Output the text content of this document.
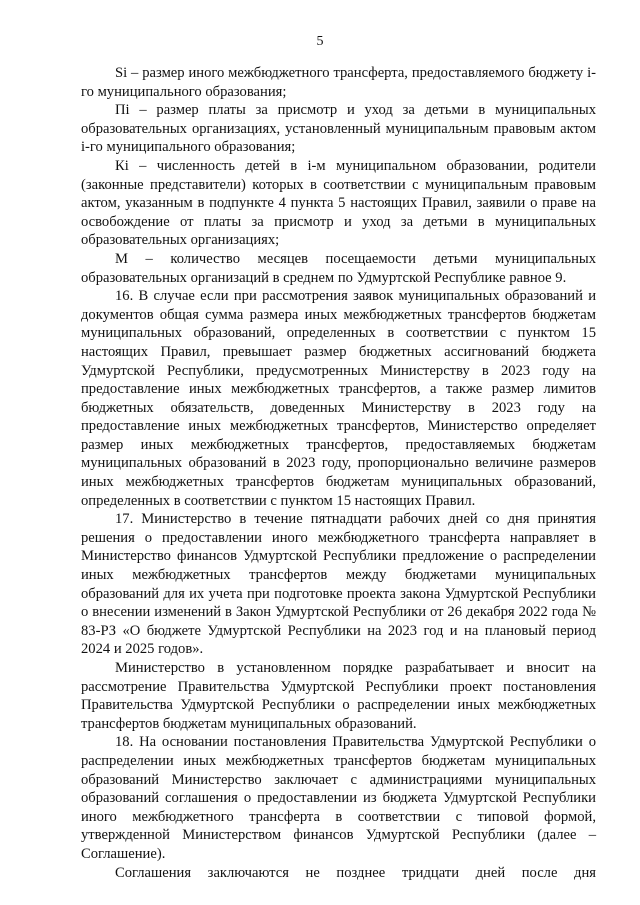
5

Si – размер иного межбюджетного трансферта, предоставляемого бюджету i-го муниципального образования;

Пi – размер платы за присмотр и уход за детьми в муниципальных образовательных организациях, установленный муниципальным правовым актом i-го муниципального образования;

Кi – численность детей в i-м муниципальном образовании, родители (законные представители) которых в соответствии с муниципальным правовым актом, указанным в подпункте 4 пункта 5 настоящих Правил, заявили о праве на освобождение от платы за присмотр и уход за детьми в муниципальных образовательных организациях;

М – количество месяцев посещаемости детьми муниципальных образовательных организаций в среднем по Удмуртской Республике равное 9.

16. В случае если при рассмотрения заявок муниципальных образований и документов общая сумма размера иных межбюджетных трансфертов бюджетам муниципальных образований, определенных в соответствии с пунктом 15 настоящих Правил, превышает размер бюджетных ассигнований бюджета Удмуртской Республики, предусмотренных Министерству в 2023 году на предоставление иных межбюджетных трансфертов, а также размер лимитов бюджетных обязательств, доведенных Министерству в 2023 году на предоставление иных межбюджетных трансфертов, Министерство определяет размер иных межбюджетных трансфертов, предоставляемых бюджетам муниципальных образований в 2023 году, пропорционально величине размеров иных межбюджетных трансфертов бюджетам муниципальных образований, определенных в соответствии с пунктом 15 настоящих Правил.

17. Министерство в течение пятнадцати рабочих дней со дня принятия решения о предоставлении иного межбюджетного трансферта направляет в Министерство финансов Удмуртской Республики предложение о распределении иных межбюджетных трансфертов между бюджетами муниципальных образований для их учета при подготовке проекта закона Удмуртской Республики о внесении изменений в Закон Удмуртской Республики от 26 декабря 2022 года № 83-РЗ «О бюджете Удмуртской Республики на 2023 год и на плановый период 2024 и 2025 годов».

Министерство в установленном порядке разрабатывает и вносит на рассмотрение Правительства Удмуртской Республики проект постановления Правительства Удмуртской Республики о распределении иных межбюджетных трансфертов бюджетам муниципальных образований.

18. На основании постановления Правительства Удмуртской Республики о распределении иных межбюджетных трансфертов бюджетам муниципальных образований Министерство заключает с администрациями муниципальных образований соглашения о предоставлении из бюджета Удмуртской Республики иного межбюджетного трансферта в соответствии с типовой формой, утвержденной Министерством финансов Удмуртской Республики (далее – Соглашение).

Соглашения заключаются не позднее тридцати дней после дня
